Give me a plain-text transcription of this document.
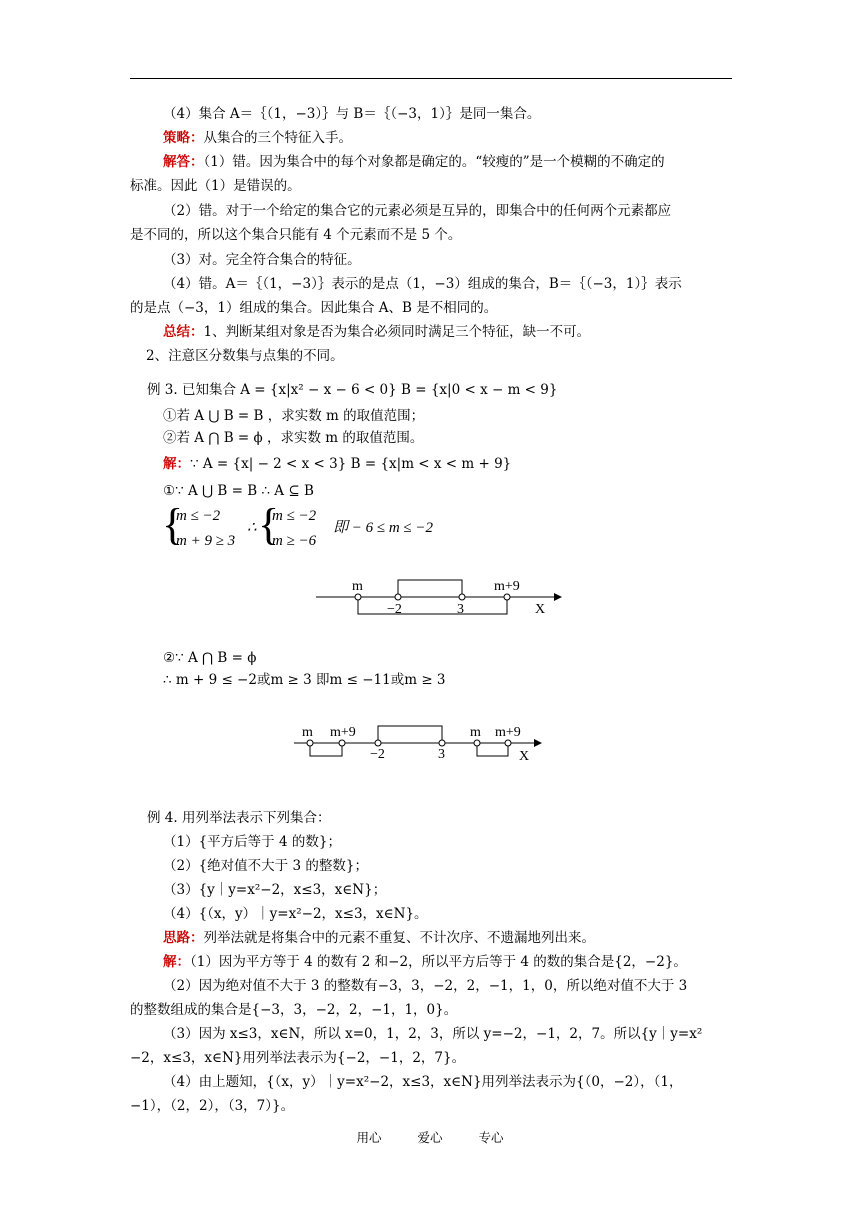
（4）集合 A＝｛（1，−3）｝与 B＝｛（−3，1）｝是同一集合。
策略：从集合的三个特征入手。
解答：（1）错。因为集合中的每个对象都是确定的。“较瘦的”是一个模糊的不确定的
标准。因此（1）是错误的。
（2）错。对于一个给定的集合它的元素必须是互异的，即集合中的任何两个元素都应
是不同的，所以这个集合只能有 4 个元素而不是 5 个。
（3）对。完全符合集合的特征。
（4）错。A＝｛（1，−3）｝表示的是点（1，−3）组成的集合，B＝｛（−3，1）｝表示
的是点（−3，1）组成的集合。因此集合 A、B 是不相同的。
总结：1、判断某组对象是否为集合必须同时满足三个特征，缺一不可。
2、注意区分数集与点集的不同。
例 3. 已知集合 A = {x|x² − x − 6 < 0} B = {x|0 < x − m < 9}
①若 A ⋃ B = B ，求实数 m 的取值范围；
②若 A ⋂ B = ϕ ，求实数 m 的取值范围。
解：∵ A = {x| − 2 < x < 3} B = {x|m < x < m + 9}
①∵ A ⋃ B = B ∴ A ⊆ B
{
m ≤ −2
m + 9 ≥ 3
∴ {
m ≤ −2
m ≥ −6
即 − 6 ≤ m ≤ −2
m	m+9
−2	3	X
②∵ A ⋂ B = ϕ
∴ m + 9 ≤ −2或m ≥ 3 即m ≤ −11或m ≥ 3
m m+9
−2	3
m m+9
X
例 4. 用列举法表示下列集合：
（1）{平方后等于 4 的数}；
（2）{绝对值不大于 3 的整数}；
（3）{y｜y=x²−2，x≤3，x∈N}；
（4）{（x，y）｜y=x²−2，x≤3，x∈N}。
思路：列举法就是将集合中的元素不重复、不计次序、不遗漏地列出来。
解：（1）因为平方等于 4 的数有 2 和−2，所以平方后等于 4 的数的集合是{2，−2}。
（2）因为绝对值不大于 3 的整数有−3，3，−2，2，−1，1，0，所以绝对值不大于 3
的整数组成的集合是{−3，3，−2，2，−1，1，0}。
（3）因为 x≤3，x∈N，所以 x=0，1，2，3，所以 y=−2，−1，2，7。所以{y｜y=x²
−2，x≤3，x∈N}用列举法表示为{−2，−1，2，7}。
（4）由上题知，{（x，y）｜y=x²−2，x≤3，x∈N}用列举法表示为{（0，−2），（1，
−1），（2，2），（3，7）}。
用心	爱心	专心
